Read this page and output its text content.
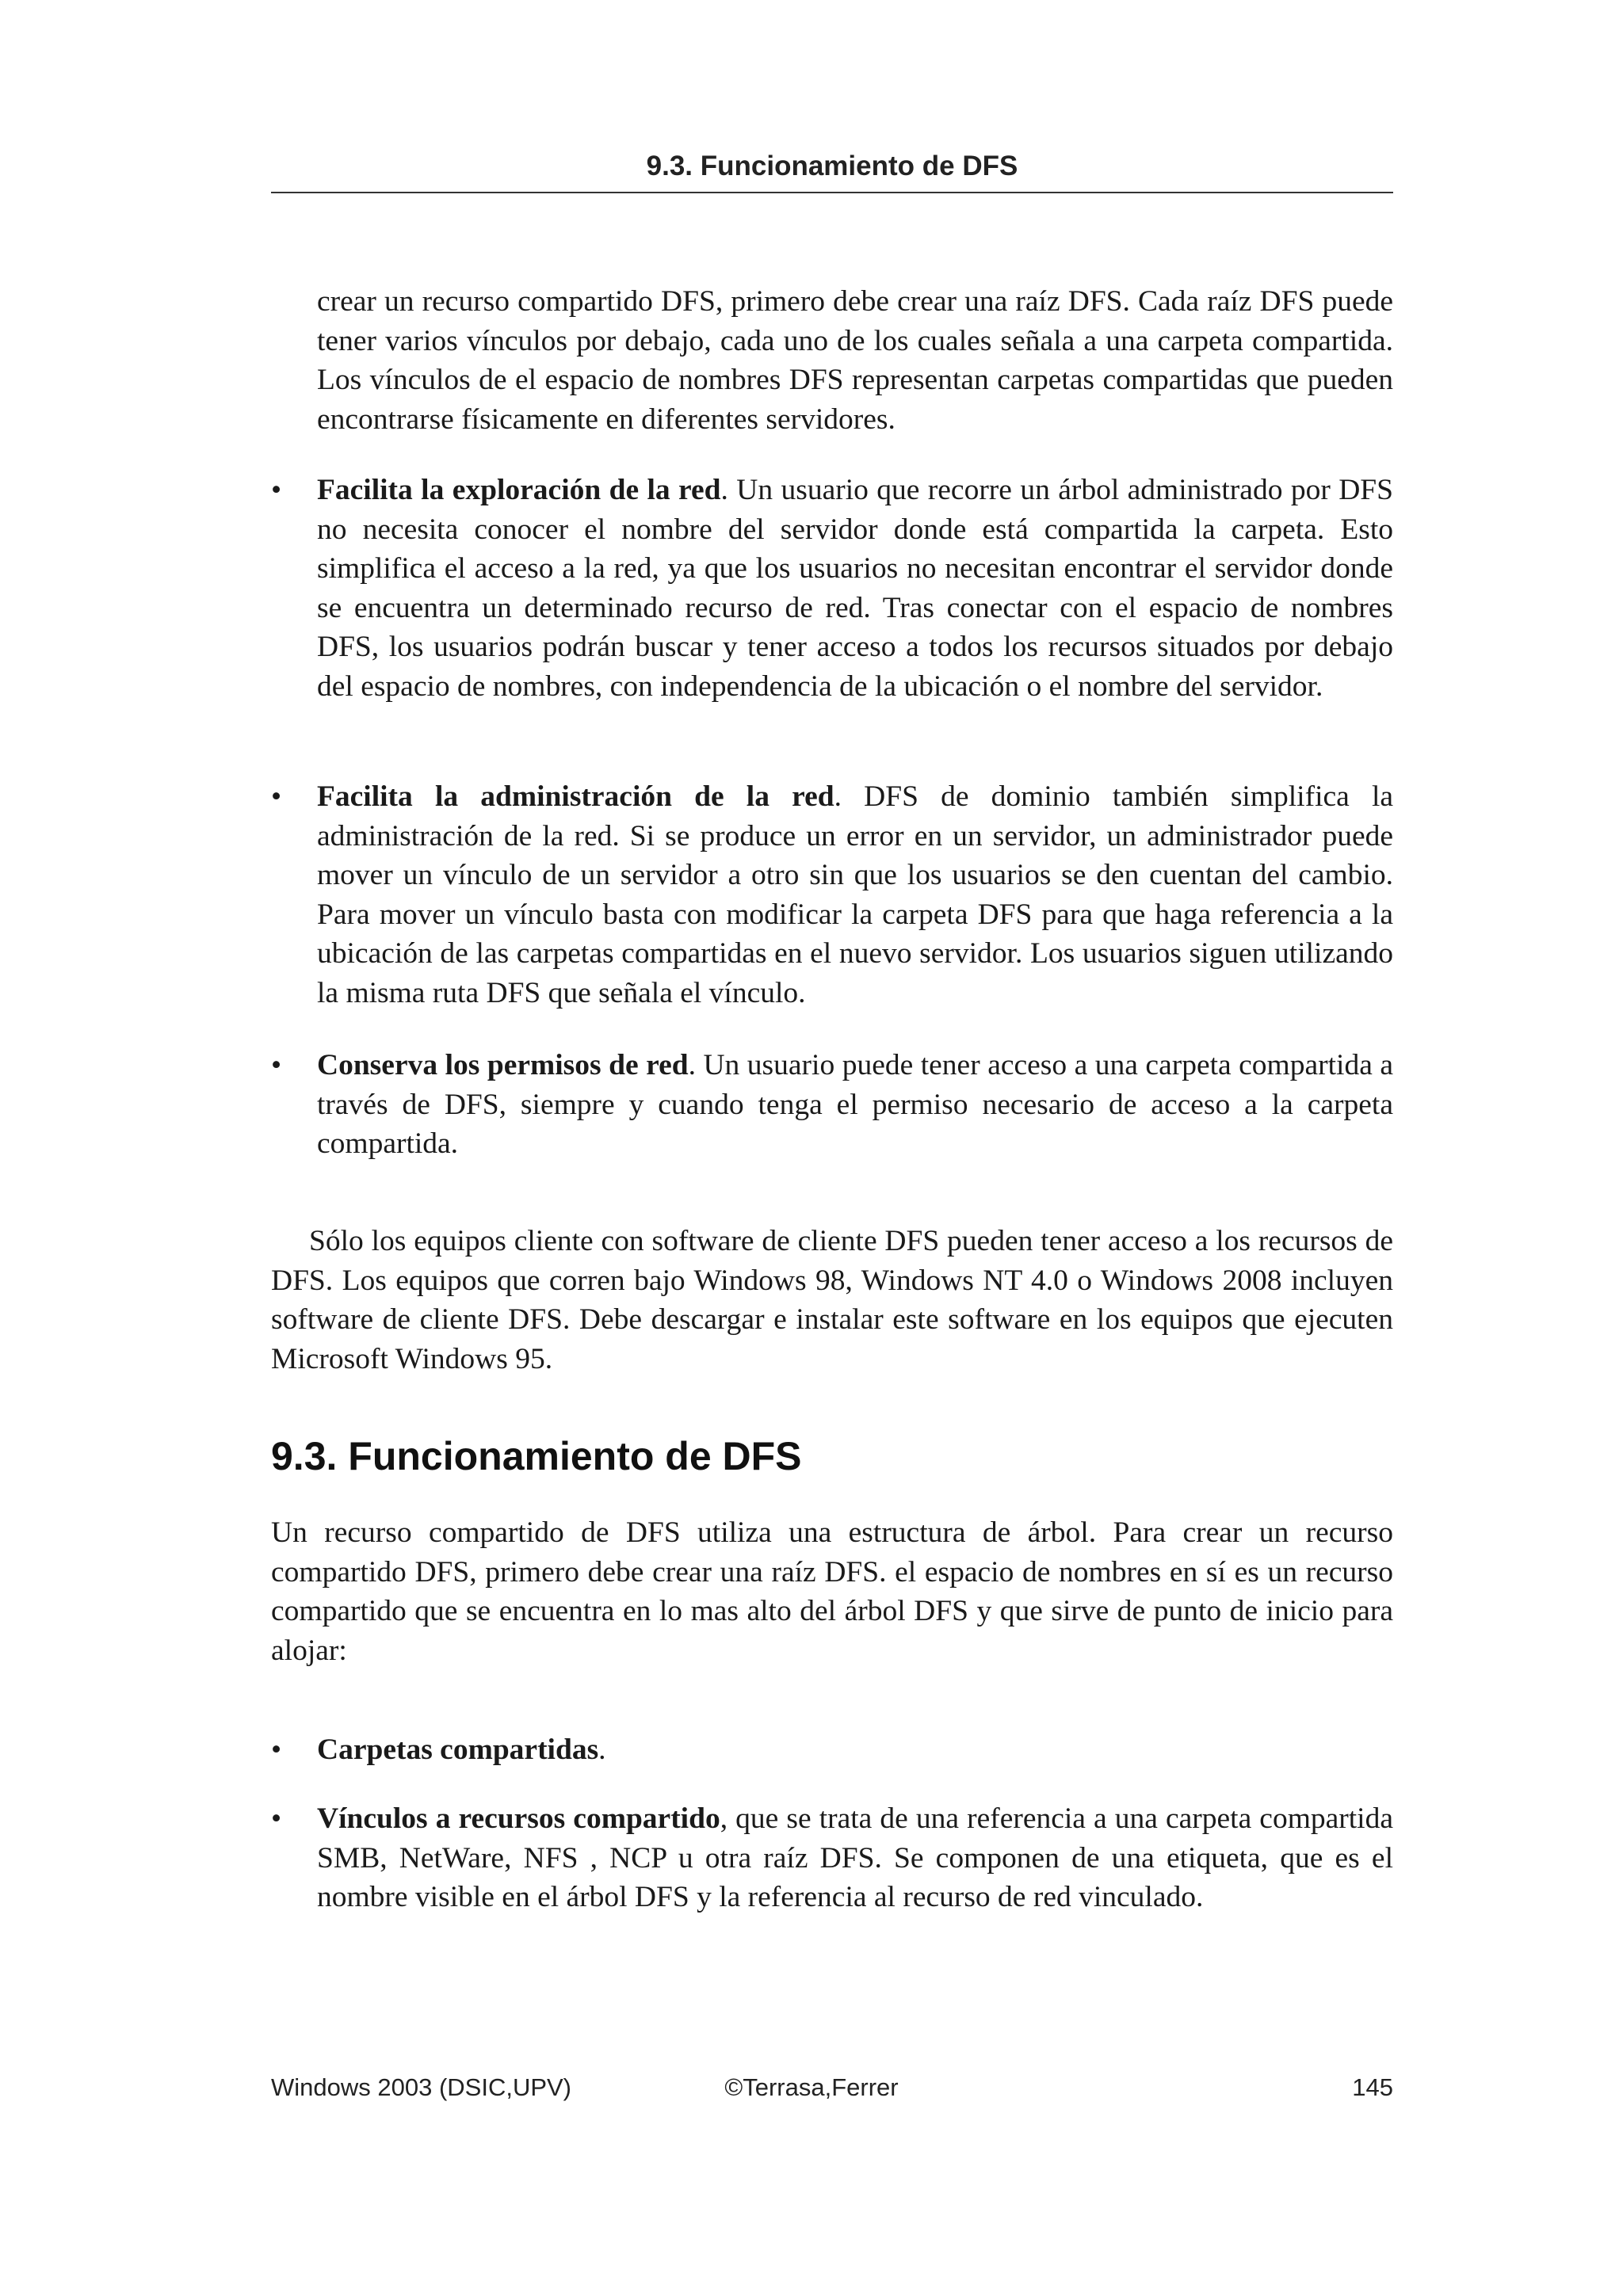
9.3. Funcionamiento de DFS

crear un recurso compartido DFS, primero debe crear una raíz DFS. Cada raíz DFS puede tener varios vínculos por debajo, cada uno de los cuales señala a una carpeta compartida. Los vínculos de el espacio de nombres DFS representan carpetas compartidas que pueden encontrarse físicamente en diferentes servidores.

•	Facilita la exploración de la red. Un usuario que recorre un árbol administrado por DFS no necesita conocer el nombre del servidor donde está compartida la carpeta. Esto simplifica el acceso a la red, ya que los usuarios no necesitan encontrar el servidor donde se encuentra un determinado recurso de red. Tras conectar con el espacio de nombres DFS, los usuarios podrán buscar y tener acceso a todos los recursos situados por debajo del espacio de nombres, con independencia de la ubicación o el nombre del servidor.

•	Facilita la administración de la red. DFS de dominio también simplifica la administración de la red. Si se produce un error en un servidor, un administrador puede mover un vínculo de un servidor a otro sin que los usuarios se den cuentan del cambio. Para mover un vínculo basta con modificar la carpeta DFS para que haga referencia a la ubicación de las carpetas compartidas en el nuevo servidor. Los usuarios siguen utilizando la misma ruta DFS que señala el vínculo.

•	Conserva los permisos de red. Un usuario puede tener acceso a una carpeta compartida a través de DFS, siempre y cuando tenga el permiso necesario de acceso a la carpeta compartida.

Sólo los equipos cliente con software de cliente DFS pueden tener acceso a los recursos de DFS. Los equipos que corren bajo Windows 98, Windows NT 4.0 o Windows 2008 incluyen software de cliente DFS. Debe descargar e instalar este software en los equipos que ejecuten Microsoft Windows 95.

9.3. Funcionamiento de DFS

Un recurso compartido de DFS utiliza una estructura de árbol. Para crear un recurso compartido DFS, primero debe crear una raíz DFS. el espacio de nombres en sí es un recurso compartido que se encuentra en lo mas alto del árbol DFS y que sirve de punto de inicio para alojar:

•	Carpetas compartidas.

•	Vínculos a recursos compartido, que se trata de una referencia a una carpeta compartida SMB, NetWare, NFS , NCP u otra raíz DFS. Se componen de una etiqueta, que es el nombre visible en el árbol DFS y la referencia al recurso de red vinculado.

Windows 2003 (DSIC,UPV)	©Terrasa,Ferrer	145
